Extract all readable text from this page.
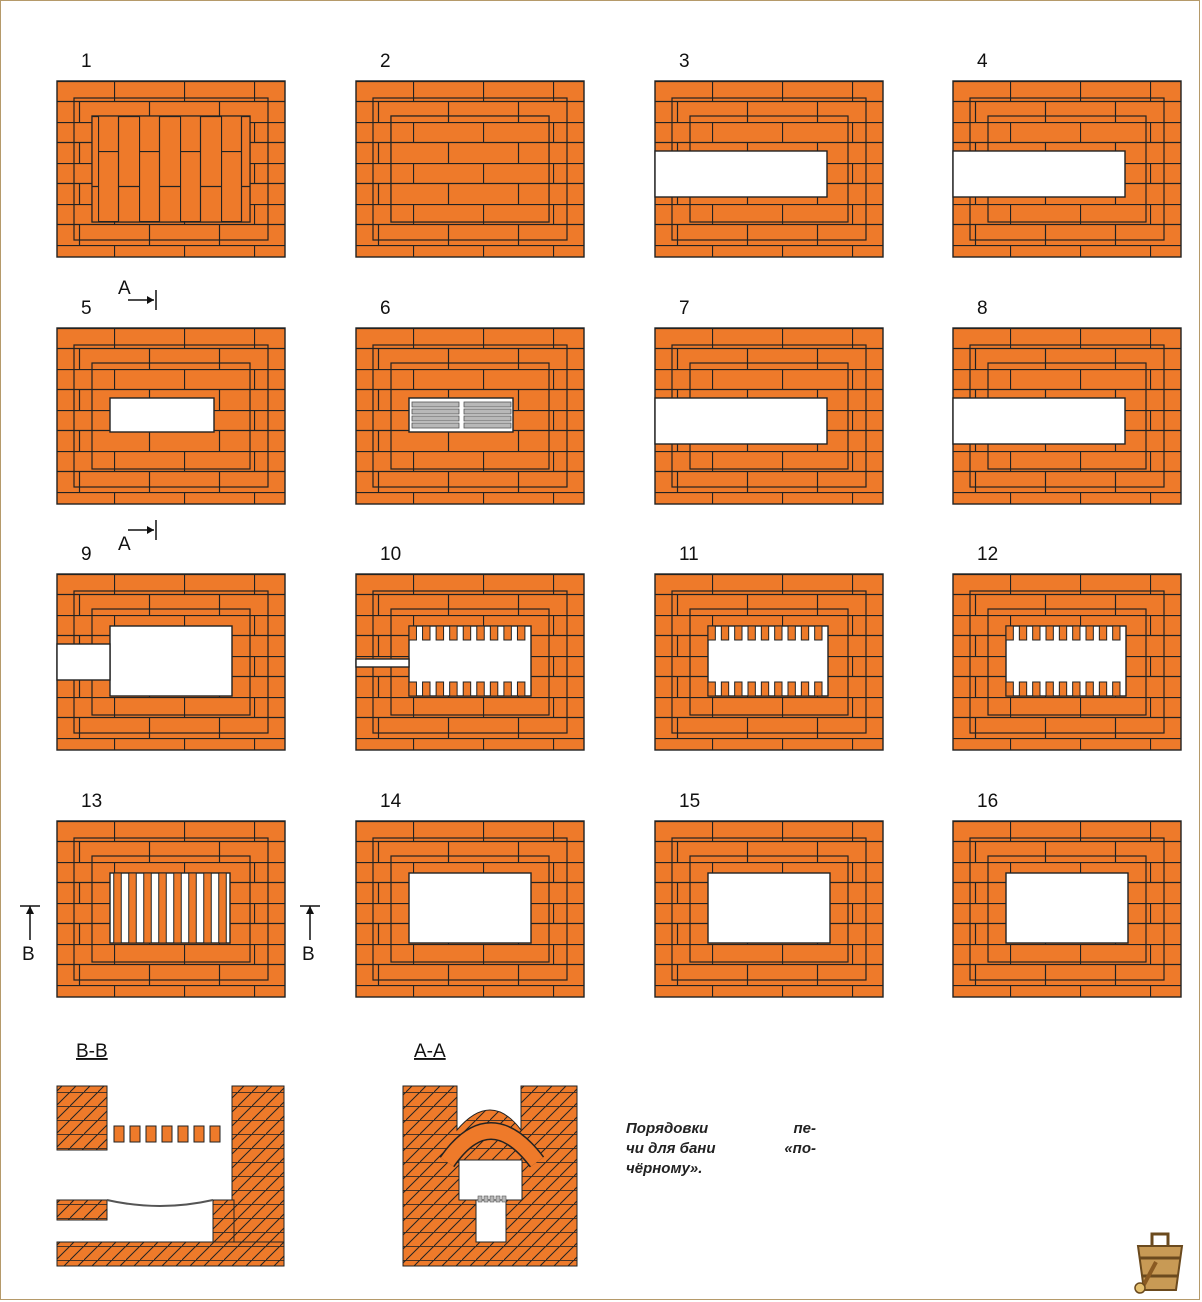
1	2	3	4
5	6	7	8
9	10	11	12
13	14	15	16
A
A
B	B
B-B	A-A
Порядовки	пе-
чи для бани	«по-
чёрному».
